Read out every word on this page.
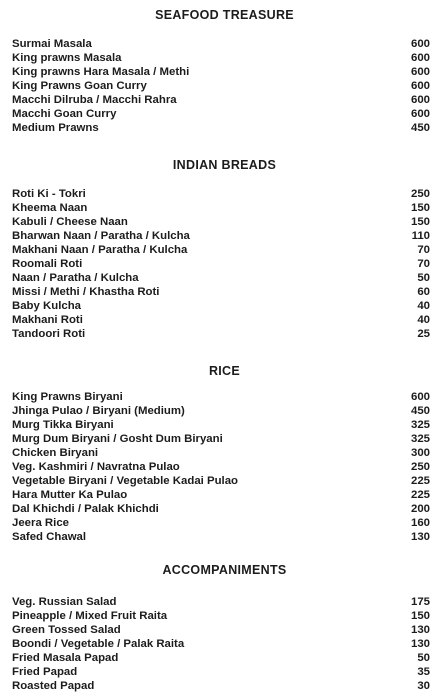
SEAFOOD TREASURE
Surmai Masala	600
King prawns Masala	600
King prawns Hara Masala / Methi	600
King Prawns Goan Curry	600
Macchi Dilruba / Macchi Rahra	600
Macchi Goan Curry	600
Medium Prawns	450
INDIAN BREADS
Roti Ki - Tokri	250
Kheema Naan	150
Kabuli / Cheese Naan	150
Bharwan Naan / Paratha / Kulcha	110
Makhani Naan / Paratha / Kulcha	70
Roomali Roti	70
Naan / Paratha / Kulcha	50
Missi / Methi / Khastha Roti	60
Baby Kulcha	40
Makhani Roti	40
Tandoori Roti	25
RICE
King Prawns Biryani	600
Jhinga Pulao / Biryani (Medium)	450
Murg Tikka Biryani	325
Murg Dum Biryani / Gosht Dum Biryani	325
Chicken Biryani	300
Veg. Kashmiri / Navratna Pulao	250
Vegetable Biryani / Vegetable Kadai Pulao	225
Hara Mutter Ka Pulao	225
Dal Khichdi / Palak Khichdi	200
Jeera Rice	160
Safed Chawal	130
ACCOMPANIMENTS
Veg. Russian Salad	175
Pineapple / Mixed Fruit Raita	150
Green Tossed Salad	130
Boondi / Vegetable / Palak Raita	130
Fried Masala Papad	50
Fried Papad	35
Roasted Papad	30
